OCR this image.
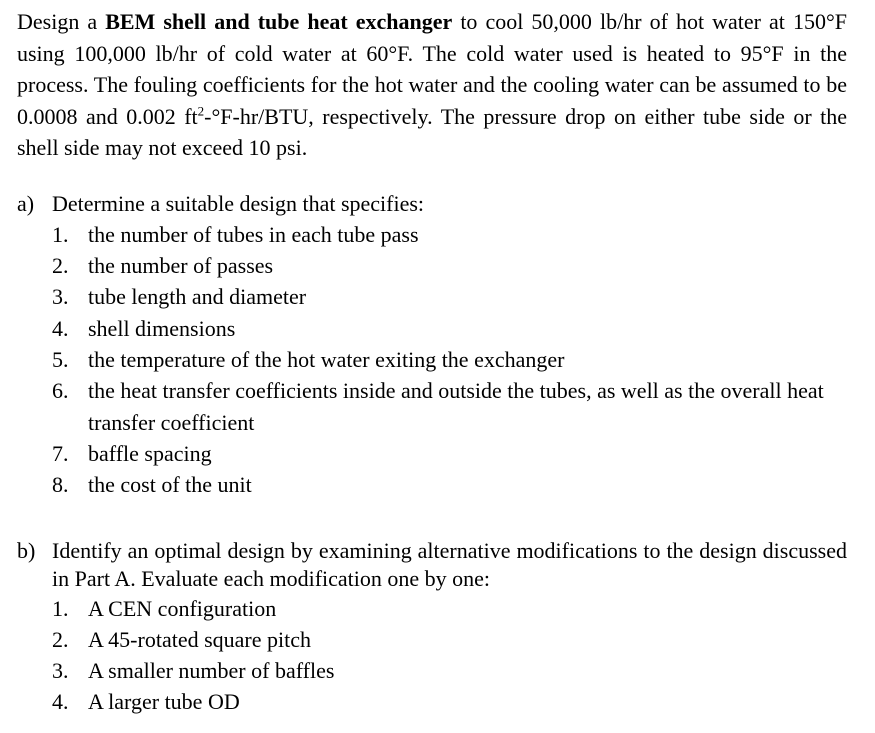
Design a BEM shell and tube heat exchanger to cool 50,000 lb/hr of hot water at 150°F using 100,000 lb/hr of cold water at 60°F. The cold water used is heated to 95°F in the process. The fouling coefficients for the hot water and the cooling water can be assumed to be 0.0008 and 0.002 $ft^2-^\circ F-hr$/BTU, respectively. The pressure drop on either tube side or the shell side may not exceed 10 psi.

a) Determine a suitable design that specifies:
1. the number of tubes in each tube pass
2. the number of passes
3. tube length and diameter
4. shell dimensions
5. the temperature of the hot water exiting the exchanger
6. the heat transfer coefficients inside and outside the tubes, as well as the overall heat transfer coefficient
7. baffle spacing
8. the cost of the unit
b) Identify an optimal design by examining alternative modifications to the design discussed in Part A. Evaluate each modification one by one:
1. A CEN configuration
2. A 45-rotated square pitch
3. A smaller number of baffles
4. A larger tube OD
